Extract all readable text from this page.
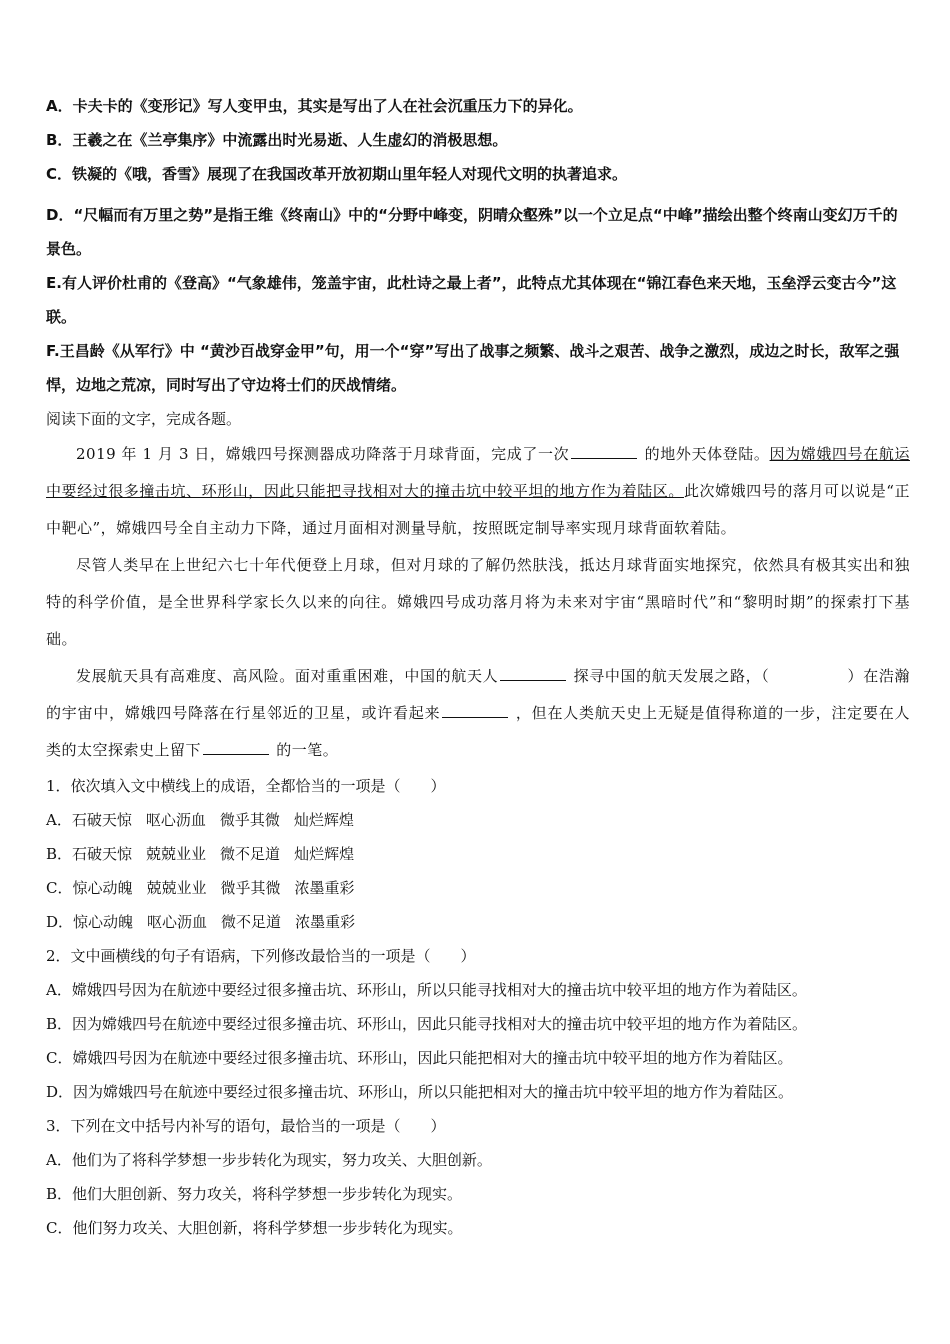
A．卡夫卡的《变形记》写人变甲虫，其实是写出了人在社会沉重压力下的异化。

B．王羲之在《兰亭集序》中流露出时光易逝、人生虚幻的消极思想。

C．铁凝的《哦，香雪》展现了在我国改革开放初期山里年轻人对现代文明的执著追求。

D．“尺幅而有万里之势”是指王维《终南山》中的“分野中峰变，阴晴众壑殊”以一个立足点“中峰”描绘出整个终南山变幻万千的景色。

E.有人评价杜甫的《登高》“气象雄伟，笼盖宇宙，此杜诗之最上者”，此特点尤其体现在“锦江春色来天地，玉垒浮云变古今”这联。

F.王昌龄《从军行》中 “黄沙百战穿金甲”句，用一个“穿”写出了战事之频繁、战斗之艰苦、战争之激烈，成边之时长，敌军之强悍，边地之荒凉，同时写出了守边将士们的厌战情绪。

阅读下面的文字，完成各题。

2019 年 1 月 3 日，嫦娥四号探测器成功降落于月球背面，完成了一次	的地外天体登陆。因为嫦娥四号在航运中要经过很多撞击坑、环形山，因此只能把寻找相对大的撞击坑中较平坦的地方作为着陆区。此次嫦娥四号的落月可以说是“正中靶心”，嫦娥四号全自主动力下降，通过月面相对测量导航，按照既定制导率实现月球背面软着陆。

尽管人类早在上世纪六七十年代便登上月球，但对月球的了解仍然肤浅，抵达月球背面实地探究，依然具有极其实出和独特的科学价值，是全世界科学家长久以来的向往。嫦娥四号成功落月将为未来对宇宙“黑暗时代”和“黎明时期”的探索打下基础。

发展航天具有高难度、高风险。面对重重困难，中国的航天人	探寻中国的航天发展之路，（	）在浩瀚的宇宙中，嫦娥四号降落在行星邻近的卫星，或许看起来	，但在人类航天史上无疑是值得称道的一步，注定要在人类的太空探索史上留下	的一笔。

1．依次填入文中横线上的成语，全都恰当的一项是（　　）

A．石破天惊 呕心沥血 微乎其微 灿烂辉煌

B．石破天惊 兢兢业业 微不足道 灿烂辉煌

C．惊心动魄 兢兢业业 微乎其微 浓墨重彩

D．惊心动魄 呕心沥血 微不足道 浓墨重彩

2．文中画横线的句子有语病，下列修改最恰当的一项是（　　）

A．嫦娥四号因为在航迹中要经过很多撞击坑、环形山，所以只能寻找相对大的撞击坑中较平坦的地方作为着陆区。

B．因为嫦娥四号在航迹中要经过很多撞击坑、环形山，因此只能寻找相对大的撞击坑中较平坦的地方作为着陆区。

C．嫦娥四号因为在航迹中要经过很多撞击坑、环形山，因此只能把相对大的撞击坑中较平坦的地方作为着陆区。

D．因为嫦娥四号在航迹中要经过很多撞击坑、环形山，所以只能把相对大的撞击坑中较平坦的地方作为着陆区。

3．下列在文中括号内补写的语句，最恰当的一项是（　　）

A．他们为了将科学梦想一步步转化为现实，努力攻关、大胆创新。

B．他们大胆创新、努力攻关，将科学梦想一步步转化为现实。

C．他们努力攻关、大胆创新，将科学梦想一步步转化为现实。
